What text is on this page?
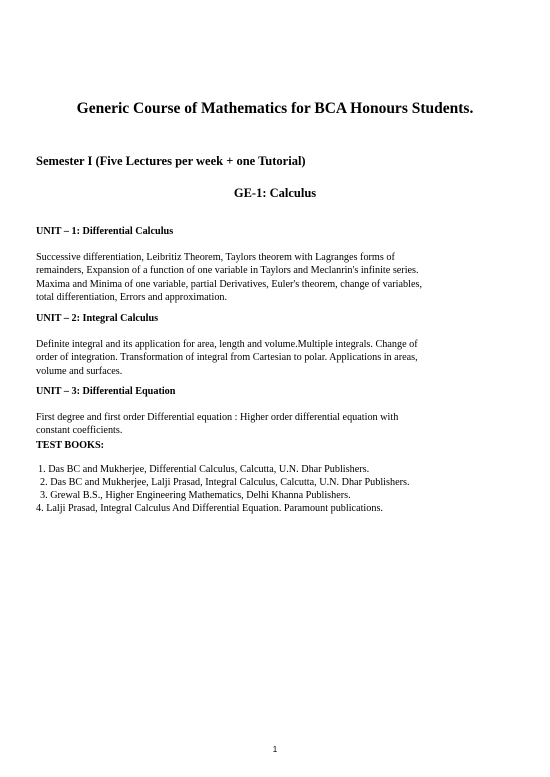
Generic Course of Mathematics for BCA Honours Students.
Semester I (Five Lectures per week + one Tutorial)
GE-1: Calculus
UNIT – 1: Differential Calculus
Successive differentiation, Leibritiz Theorem, Taylors theorem with Lagranges forms of
remainders, Expansion of a function of one variable in Taylors and Meclanrin's infinite series.
Maxima and Minima of one variable, partial Derivatives, Euler's theorem, change of variables,
total differentiation, Errors and approximation.
UNIT – 2: Integral Calculus
Definite integral and its application for area, length and volume.Multiple integrals. Change of
order of integration. Transformation of integral from Cartesian to polar. Applications in areas,
volume and surfaces.
UNIT – 3: Differential Equation
First degree and first order Differential equation : Higher order differential equation with
constant coefficients.
TEST BOOKS:
1. Das BC and Mukherjee, Differential Calculus, Calcutta, U.N. Dhar Publishers.
2. Das BC and Mukherjee, Lalji Prasad, Integral Calculus, Calcutta, U.N. Dhar Publishers.
3. Grewal B.S., Higher Engineering Mathematics, Delhi Khanna Publishers.
4. Lalji Prasad, Integral Calculus And Differential Equation. Paramount publications.
1
